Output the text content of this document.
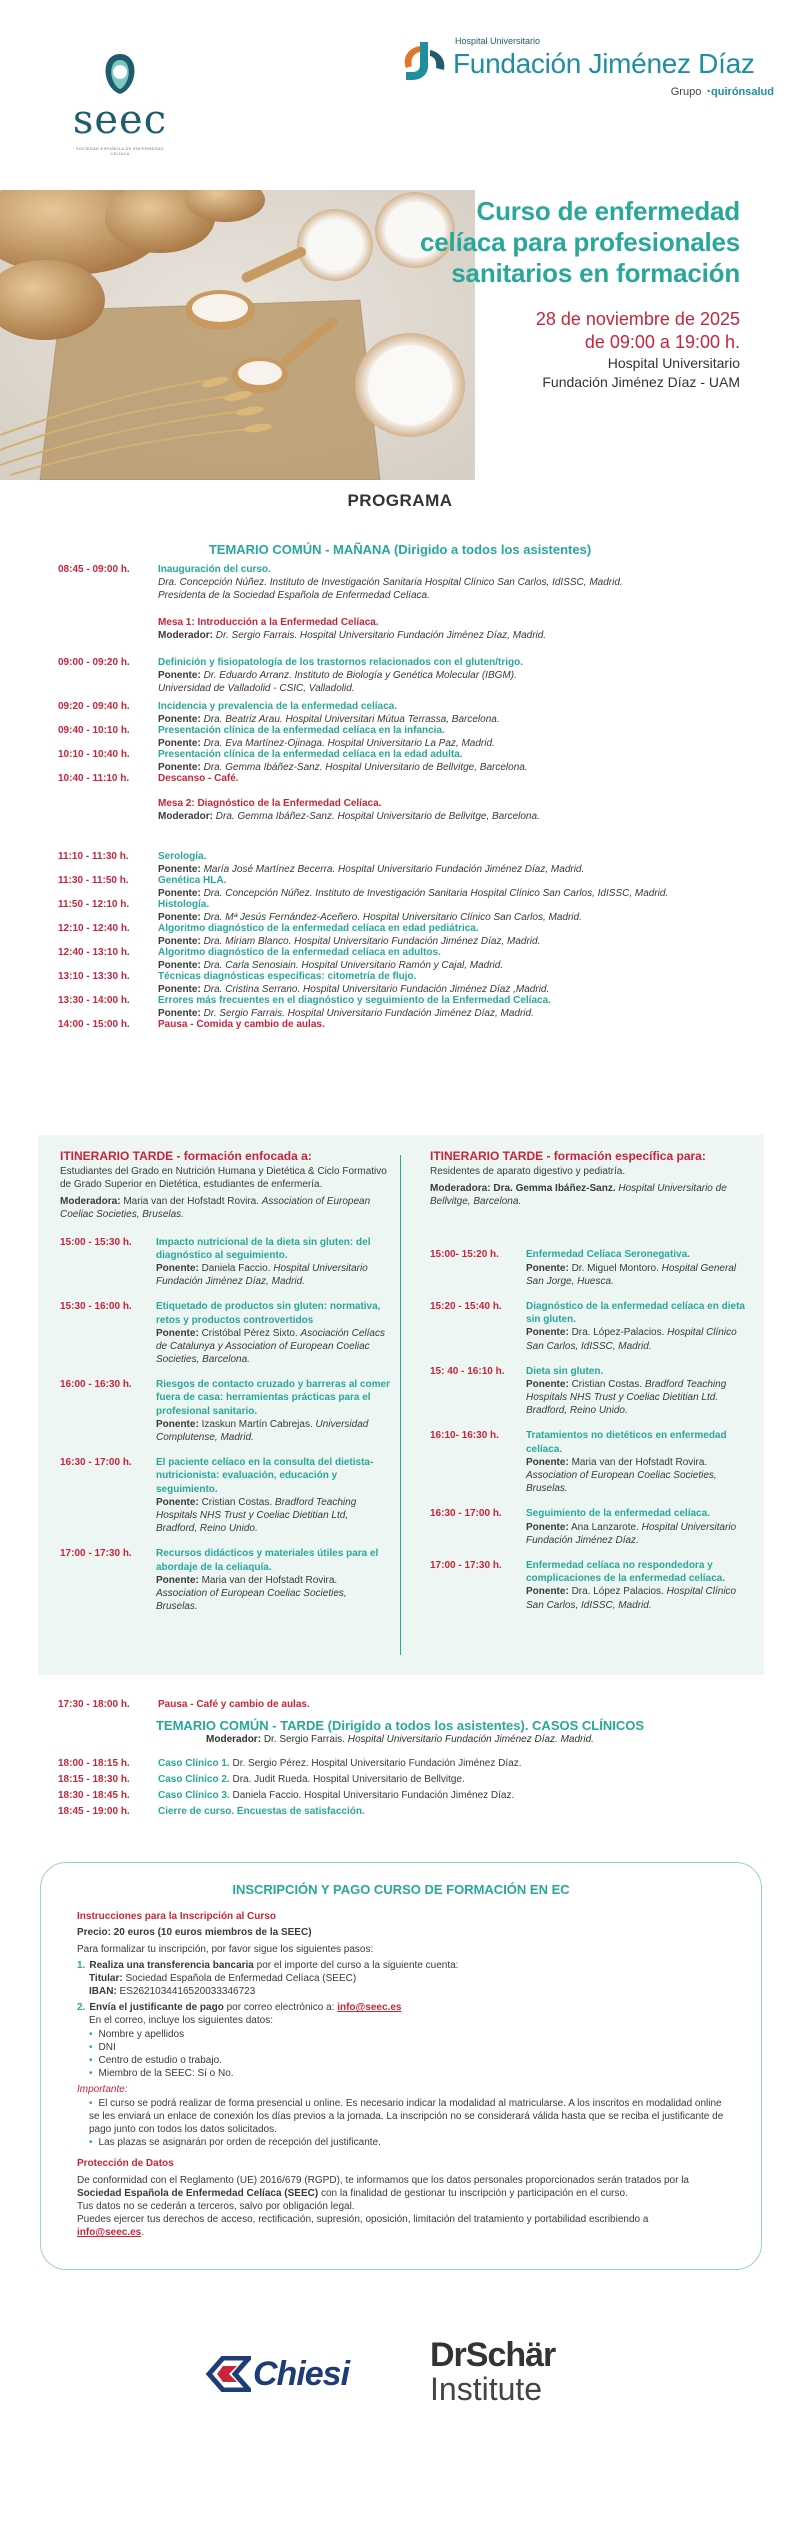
seec
SOCIEDAD ESPAÑOLA DE ENFERMEDAD CELÍACA
Hospital Universitario
Fundación Jiménez Díaz
Grupo ◔quirónsalud
Curso de enfermedad celíaca para profesionales sanitarios en formación
28 de noviembre de 2025
de 09:00 a 19:00 h.
Hospital Universitario
Fundación Jiménez Díaz - UAM
PROGRAMA
TEMARIO COMÚN - MAÑANA (Dirigido a todos los asistentes)
08:45 - 09:00 h.	Inauguración del curso.
Dra. Concepción Núñez. Instituto de Investigación Sanitaria Hospital Clínico San Carlos, IdISSC, Madrid.
Presidenta de la Sociedad Española de Enfermedad Celíaca.
Mesa 1: Introducción a la Enfermedad Celíaca.
Moderador: Dr. Sergio Farrais. Hospital Universitario Fundación Jiménez Díaz, Madrid.
09:00 - 09:20 h.	Definición y fisiopatología de los trastornos relacionados con el gluten/trigo.
Ponente: Dr. Eduardo Arranz. Instituto de Biología y Genética Molecular (IBGM).
Universidad de Valladolid - CSIC, Valladolid.
09:20 - 09:40 h.	Incidencia y prevalencia de la enfermedad celíaca.
Ponente: Dra. Beatriz Arau. Hospital Universitari Mútua Terrassa, Barcelona.
09:40 - 10:10 h.	Presentación clínica de la enfermedad celíaca en la infancia.
Ponente: Dra. Eva Martínez-Ojinaga. Hospital Universitario La Paz, Madrid.
10:10 - 10:40 h.	Presentación clínica de la enfermedad celíaca en la edad adulta.
Ponente: Dra. Gemma Ibáñez-Sanz. Hospital Universitario de Bellvitge, Barcelona.
10:40 - 11:10 h.	Descanso - Café.
Mesa 2: Diagnóstico de la Enfermedad Celíaca.
Moderador: Dra. Gemma Ibáñez-Sanz. Hospital Universitario de Bellvitge, Barcelona.
11:10 - 11:30 h.	Serología.
Ponente: María José Martínez Becerra. Hospital Universitario Fundación Jiménez Díaz, Madrid.
11:30 - 11:50 h.	Genética HLA.
Ponente: Dra. Concepción Núñez. Instituto de Investigación Sanitaria Hospital Clínico San Carlos, IdISSC, Madrid.
11:50 - 12:10 h.	Histología.
Ponente: Dra. Mª Jesús Fernández-Aceñero. Hospital Universitario Clínico San Carlos, Madrid.
12:10 - 12:40 h.	Algoritmo diagnóstico de la enfermedad celíaca en edad pediátrica.
Ponente: Dra. Miriam Blanco. Hospital Universitario Fundación Jiménez Díaz, Madrid.
12:40 - 13:10 h.	Algoritmo diagnóstico de la enfermedad celíaca en adultos.
Ponente: Dra. Carla Senosiain. Hospital Universitario Ramón y Cajal, Madrid.
13:10 - 13:30 h.	Técnicas diagnósticas específicas: citometría de flujo.
Ponente: Dra. Cristina Serrano. Hospital Universitario Fundación Jiménez Díaz ,Madrid.
13:30 - 14:00 h.	Errores más frecuentes en el diagnóstico y seguimiento de la Enfermedad Celíaca.
Ponente: Dr. Sergio Farrais. Hospital Universitario Fundación Jiménez Díaz, Madrid.
14:00 - 15:00 h.	Pausa - Comida y cambio de aulas.
ITINERARIO TARDE - formación enfocada a:
Estudiantes del Grado en Nutrición Humana y Dietética & Ciclo Formativo de Grado Superior en Dietética, estudiantes de enfermería.
Moderadora: Maria van der Hofstadt Rovira. Association of European Coeliac Societies, Bruselas.
15:00 - 15:30 h.	Impacto nutricional de la dieta sin gluten: del diagnóstico al seguimiento.
Ponente: Daniela Faccio. Hospital Universitario Fundación Jiménez Díaz, Madrid.
15:30 - 16:00 h.	Etiquetado de productos sin gluten: normativa, retos y productos controvertidos
Ponente: Cristóbal Pérez Sixto. Asociación Celíacs de Catalunya y Association of European Coeliac Societies, Barcelona.
16:00 - 16:30 h.	Riesgos de contacto cruzado y barreras al comer fuera de casa: herramientas prácticas para el profesional sanitario.
Ponente: Izaskun Martín Cabrejas. Universidad Complutense, Madrid.
16:30 - 17:00 h.	El paciente celíaco en la consulta del dietista-nutricionista: evaluación, educación y seguimiento.
Ponente: Cristian Costas. Bradford Teaching Hospitals NHS Trust y Coeliac Dietitian Ltd, Bradford, Reino Unido.
17:00 - 17:30 h.	Recursos didácticos y materiales útiles para el abordaje de la celiaquía.
Ponente: Maria van der Hofstadt Rovira. Association of European Coeliac Societies, Bruselas.
ITINERARIO TARDE - formación específica para:
Residentes de aparato digestivo y pediatría.
Moderadora: Dra. Gemma Ibáñez-Sanz. Hospital Universitario de Bellvitge, Barcelona.
15:00- 15:20 h.	Enfermedad Celíaca Seronegativa.
Ponente: Dr. Miguel Montoro. Hospital General San Jorge, Huesca.
15:20 - 15:40 h.	Diagnóstico de la enfermedad celíaca en dieta sin gluten.
Ponente: Dra. López-Palacios. Hospital Clínico San Carlos, IdISSC, Madrid.
15: 40 - 16:10 h.	Dieta sin gluten.
Ponente: Cristian Costas. Bradford Teaching Hospitals NHS Trust y Coeliac Dietitian Ltd. Bradford, Reino Unido.
16:10- 16:30 h.	Tratamientos no dietéticos en enfermedad celíaca.
Ponente: Maria van der Hofstadt Rovira. Association of European Coeliac Societies, Bruselas.
16:30 - 17:00 h.	Seguimiento de la enfermedad celíaca.
Ponente: Ana Lanzarote. Hospital Universitario Fundación Jiménez Díaz.
17:00 - 17:30 h.	Enfermedad celíaca no respondedora y complicaciones de la enfermedad celíaca.
Ponente: Dra. López Palacios. Hospital Clínico San Carlos, IdISSC, Madrid.
17:30 - 18:00 h.	Pausa - Café y cambio de aulas.
TEMARIO COMÚN - TARDE (Dirigido a todos los asistentes). CASOS CLÍNICOS
Moderador: Dr. Sergio Farrais. Hospital Universitario Fundación Jiménez Díaz. Madrid.
18:00 - 18:15 h.	Caso Clínico 1. Dr. Sergio Pérez. Hospital Universitario Fundación Jiménez Díaz.
18:15 - 18:30 h.	Caso Clínico 2. Dra. Judit Rueda. Hospital Universitario de Bellvitge.
18:30 - 18:45 h.	Caso Clínico 3. Daniela Faccio. Hospital Universitario Fundación Jiménez Díaz.
18:45 - 19:00 h.	Cierre de curso. Encuestas de satisfacción.
INSCRIPCIÓN Y PAGO CURSO DE FORMACIÓN EN EC
Instrucciones para la Inscripción al Curso
Precio: 20 euros (10 euros miembros de la SEEC)
Para formalizar tu inscripción, por favor sigue los siguientes pasos:
1. Realiza una transferencia bancaria por el importe del curso a la siguiente cuenta:
Titular: Sociedad Española de Enfermedad Celíaca (SEEC)
IBAN: ES2621034416520033346723
2. Envía el justificante de pago por correo electrónico a: info@seec.es
En el correo, incluye los siguientes datos:
• Nombre y apellidos
• DNI
• Centro de estudio o trabajo.
• Miembro de la SEEC: Sí o No.
Importante:
• El curso se podrá realizar de forma presencial u online. Es necesario indicar la modalidad al matricularse. A los inscritos en modalidad online se les enviará un enlace de conexión los días previos a la jornada. La inscripción no se considerará válida hasta que se reciba el justificante de pago junto con todos los datos solicitados.
• Las plazas se asignarán por orden de recepción del justificante.
Protección de Datos
De conformidad con el Reglamento (UE) 2016/679 (RGPD), te informamos que los datos personales proporcionados serán tratados por la Sociedad Española de Enfermedad Celíaca (SEEC) con la finalidad de gestionar tu inscripción y participación en el curso.
Tus datos no se cederán a terceros, salvo por obligación legal.
Puedes ejercer tus derechos de acceso, rectificación, supresión, oposición, limitación del tratamiento y portabilidad escribiendo a
info@seec.es.
Chiesi DrSchär
Institute
